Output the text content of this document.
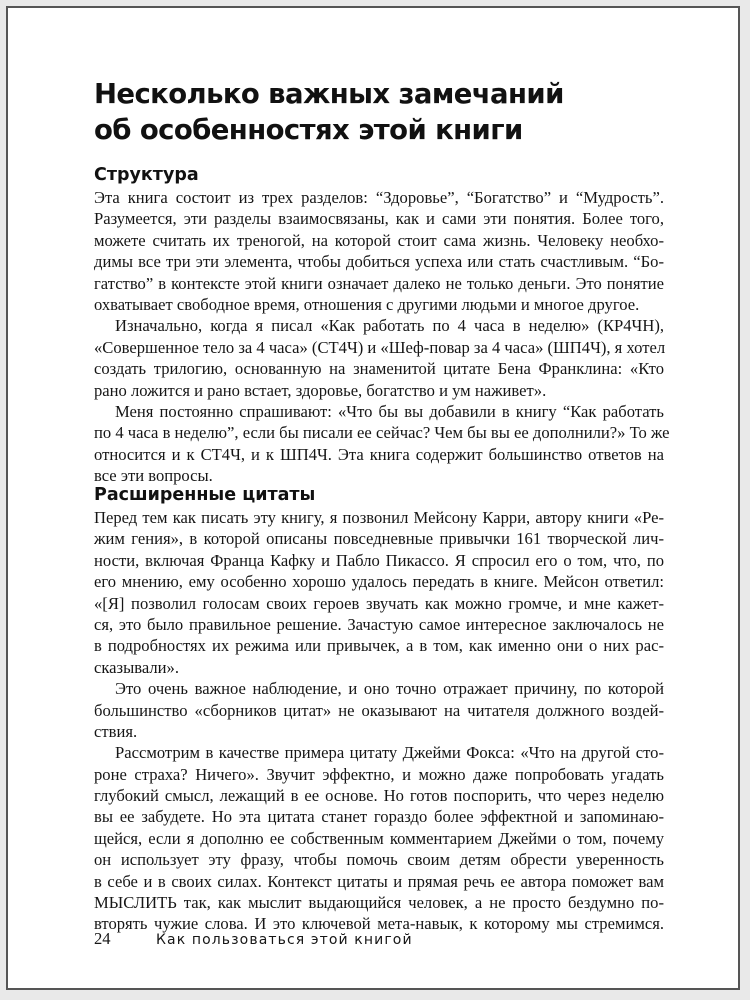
Несколько важных замечаний
об особенностях этой книги
Структура
Эта книга состоит из трех разделов: “Здоровье”, “Богатство” и “Мудрость”.
Разумеется, эти разделы взаимосвязаны, как и сами эти понятия. Более того,
можете считать их треногой, на которой стоит сама жизнь. Человеку необхо-
димы все три эти элемента, чтобы добиться успеха или стать счастливым. “Бо-
гатство” в контексте этой книги означает далеко не только деньги. Это понятие
охватывает свободное время, отношения с другими людьми и многое другое.
Изначально, когда я писал «Как работать по 4 часа в неделю» (КР4ЧН),
«Совершенное тело за 4 часа» (СТ4Ч) и «Шеф-повар за 4 часа» (ШП4Ч), я хотел
создать трилогию, основанную на знаменитой цитате Бена Франклина: «Кто
рано ложится и рано встает, здоровье, богатство и ум наживет».
Меня постоянно спрашивают: «Что бы вы добавили в книгу “Как работать
по 4 часа в неделю”, если бы писали ее сейчас? Чем бы вы ее дополнили?» То же
относится и к СТ4Ч, и к ШП4Ч. Эта книга содержит большинство ответов на
все эти вопросы.
Расширенные цитаты
Перед тем как писать эту книгу, я позвонил Мейсону Карри, автору книги «Ре-
жим гения», в которой описаны повседневные привычки 161 творческой лич-
ности, включая Франца Кафку и Пабло Пикассо. Я спросил его о том, что, по
его мнению, ему особенно хорошо удалось передать в книге. Мейсон ответил:
«[Я] позволил голосам своих героев звучать как можно громче, и мне кажет-
ся, это было правильное решение. Зачастую самое интересное заключалось не
в подробностях их режима или привычек, а в том, как именно они о них рас-
сказывали».
Это очень важное наблюдение, и оно точно отражает причину, по которой
большинство «сборников цитат» не оказывают на читателя должного воздей-
ствия.
Рассмотрим в качестве примера цитату Джейми Фокса: «Что на другой сто-
роне страха? Ничего». Звучит эффектно, и можно даже попробовать угадать
глубокий смысл, лежащий в ее основе. Но готов поспорить, что через неделю
вы ее забудете. Но эта цитата станет гораздо более эффектной и запоминаю-
щейся, если я дополню ее собственным комментарием Джейми о том, почему
он использует эту фразу, чтобы помочь своим детям обрести уверенность
в себе и в своих силах. Контекст цитаты и прямая речь ее автора поможет вам
МЫСЛИТЬ так, как мыслит выдающийся человек, а не просто бездумно по-
вторять чужие слова. И это ключевой мета-навык, к которому мы стремимся.
24	Как пользоваться этой книгой
